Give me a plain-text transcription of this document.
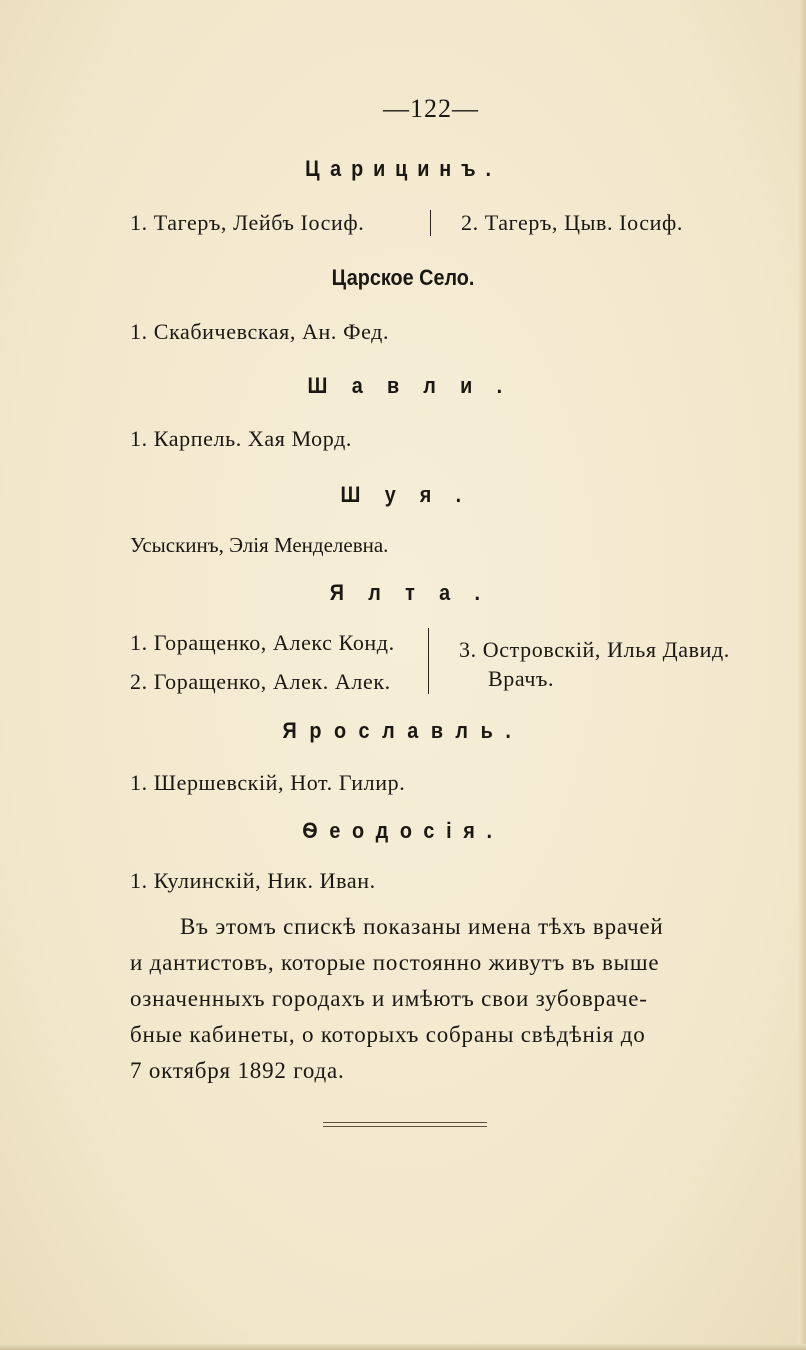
—122—
Царицинъ.
1. Тагеръ, Лейбъ Іосиф.	2. Тагеръ, Цыв. Іосиф.
Царское Село.
1. Скабичевская, Ан. Фед.
Шавли.
1. Карпель. Хая Морд.
Шуя.
Усыскинъ, Элія Менделевна.
Ялта.
1. Горащенко, Алекс Конд.
2. Горащенко, Алек. Алек.
3. Островскій, Илья Давид.
Врачъ.
Ярославль.
1. Шершевскій, Нот. Гилир.
Ѳеодосія.
1. Кулинскій, Ник. Иван.
Въ этомъ спискѣ показаны имена тѣхъ врачей
и дантистовъ, которые постоянно живутъ въ выше
означенныхъ городахъ и имѣютъ свои зубовраче-
бные кабинеты, о которыхъ собраны свѣдѣнія до
7 октября 1892 года.
